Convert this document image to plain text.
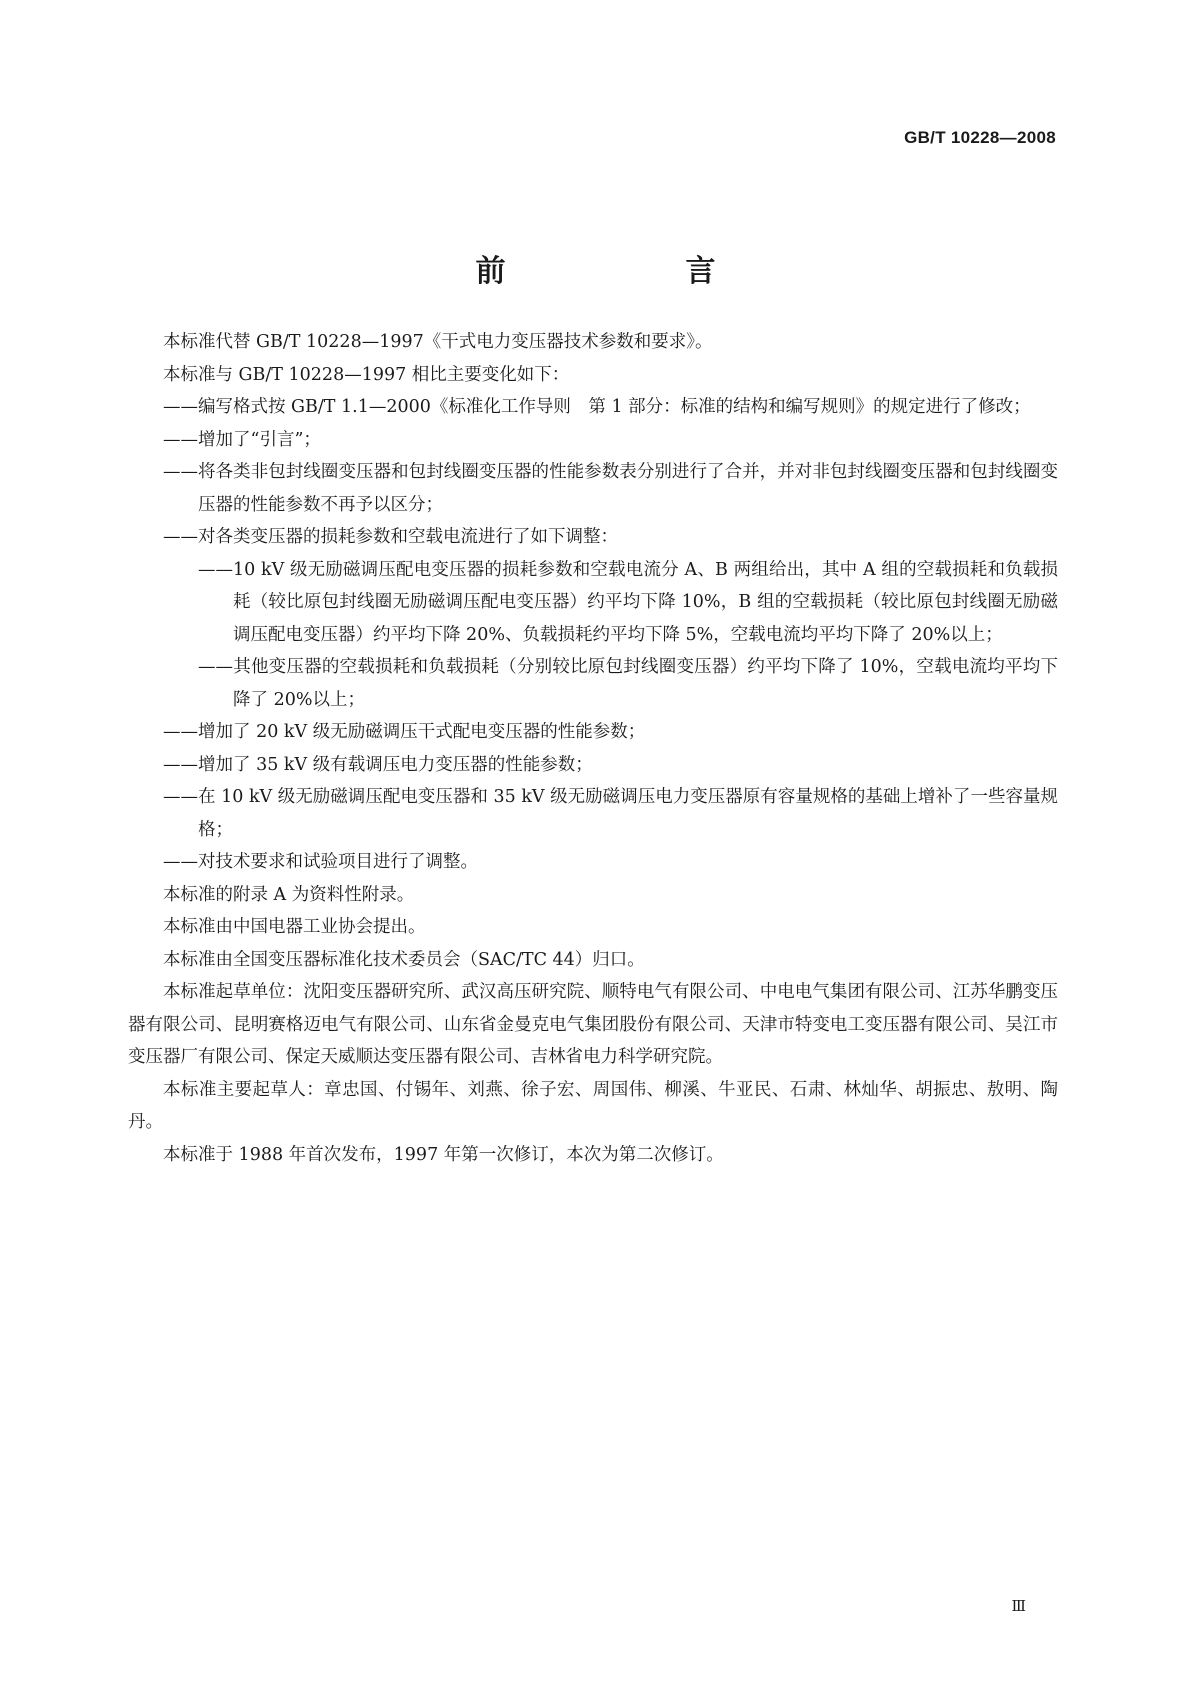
GB/T 10228—2008
前　　言

本标准代替 GB/T 10228—1997《干式电力变压器技术参数和要求》。

本标准与 GB/T 10228—1997 相比主要变化如下：

——编写格式按 GB/T 1.1—2000《标准化工作导则　第 1 部分：标准的结构和编写规则》的规定进行了修改；

——增加了“引言”；

——将各类非包封线圈变压器和包封线圈变压器的性能参数表分别进行了合并，并对非包封线圈变压器和包封线圈变压器的性能参数不再予以区分；

——对各类变压器的损耗参数和空载电流进行了如下调整：

——10 kV 级无励磁调压配电变压器的损耗参数和空载电流分 A、B 两组给出，其中 A 组的空载损耗和负载损耗（较比原包封线圈无励磁调压配电变压器）约平均下降 10%，B 组的空载损耗（较比原包封线圈无励磁调压配电变压器）约平均下降 20%、负载损耗约平均下降 5%，空载电流均平均下降了 20%以上；

——其他变压器的空载损耗和负载损耗（分别较比原包封线圈变压器）约平均下降了 10%，空载电流均平均下降了 20%以上；

——增加了 20 kV 级无励磁调压干式配电变压器的性能参数；

——增加了 35 kV 级有载调压电力变压器的性能参数；

——在 10 kV 级无励磁调压配电变压器和 35 kV 级无励磁调压电力变压器原有容量规格的基础上增补了一些容量规格；

——对技术要求和试验项目进行了调整。

本标准的附录 A 为资料性附录。

本标准由中国电器工业协会提出。

本标准由全国变压器标准化技术委员会（SAC/TC 44）归口。

本标准起草单位：沈阳变压器研究所、武汉高压研究院、顺特电气有限公司、中电电气集团有限公司、江苏华鹏变压器有限公司、昆明赛格迈电气有限公司、山东省金曼克电气集团股份有限公司、天津市特变电工变压器有限公司、吴江市变压器厂有限公司、保定天威顺达变压器有限公司、吉林省电力科学研究院。

本标准主要起草人：章忠国、付锡年、刘燕、徐子宏、周国伟、柳溪、牛亚民、石肃、林灿华、胡振忠、敖明、陶丹。

本标准于 1988 年首次发布，1997 年第一次修订，本次为第二次修订。

Ⅲ
